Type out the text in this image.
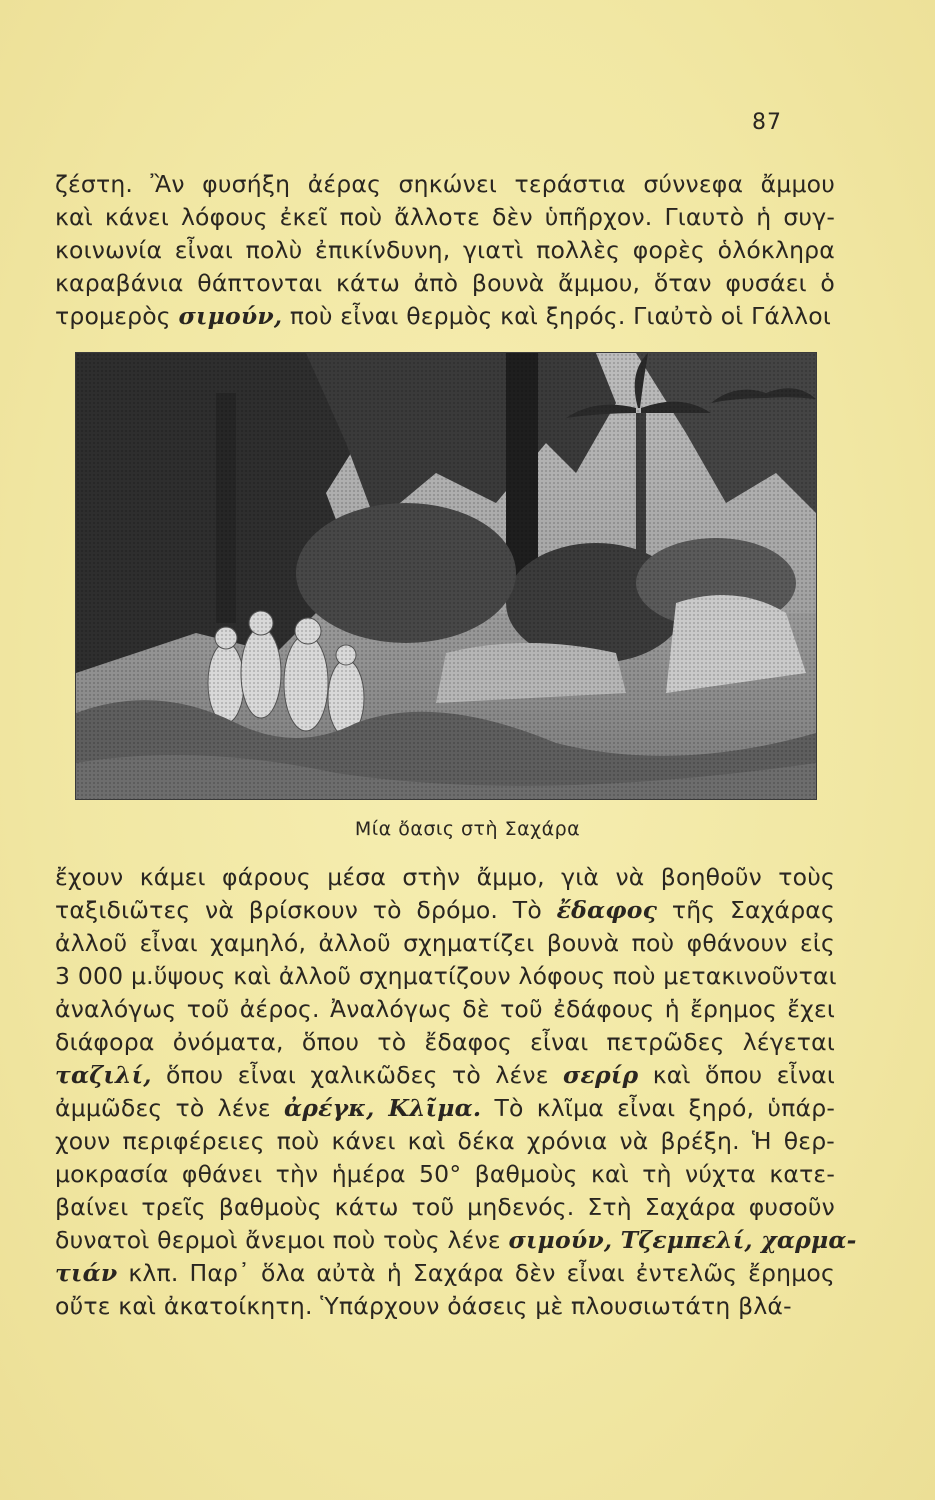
87
ζέστη. Ἂν φυσήξη ἀέρας σηκώνει τεράστια σύννεφα ἄμμου
καὶ κάνει λόφους ἐκεῖ ποὺ ἄλλοτε δὲν ὑπῆρχον. Γιαυτὸ ἡ συγ-
κοινωνία εἶναι πολὺ ἐπικίνδυνη, γιατὶ πολλὲς φορὲς ὁλόκληρα
καραβάνια θάπτονται κάτω ἀπὸ βουνὰ ἄμμου, ὅταν φυσάει ὁ
τρομερὸς σιμούν, ποὺ εἶναι θερμὸς καὶ ξηρός. Γιαὐτὸ οἱ Γάλλοι
Μία ὄασις στὴ Σαχάρα
ἔχουν κάμει φάρους μέσα στὴν ἄμμο, γιὰ νὰ βοηθοῦν τοὺς
ταξιδιῶτες νὰ βρίσκουν τὸ δρόμο. Τὸ ἔδαφος τῆς Σαχάρας
ἀλλοῦ εἶναι χαμηλό, ἀλλοῦ σχηματίζει βουνὰ ποὺ φθάνουν εἰς
3 000 μ.ὕψους καὶ ἀλλοῦ σχηματίζουν λόφους ποὺ μετακινοῦνται
ἀναλόγως τοῦ ἀέρος. Ἀναλόγως δὲ τοῦ ἐδάφους ἡ ἔρημος ἔχει
διάφορα ὀνόματα, ὅπου τὸ ἔδαφος εἶναι πετρῶδες λέγεται
ταζιλί, ὅπου εἶναι χαλικῶδες τὸ λένε σερίρ καὶ ὅπου εἶναι
ἀμμῶδες τὸ λένε ἀρέγκ, Κλῖμα. Τὸ κλῖμα εἶναι ξηρό, ὑπάρ-
χουν περιφέρειες ποὺ κάνει καὶ δέκα χρόνια νὰ βρέξη. Ἡ θερ-
μοκρασία φθάνει τὴν ἡμέρα 50° βαθμοὺς καὶ τὴ νύχτα κατε-
βαίνει τρεῖς βαθμοὺς κάτω τοῦ μηδενός. Στὴ Σαχάρα φυσοῦν
δυνατοὶ θερμοὶ ἄνεμοι ποὺ τοὺς λένε σιμούν, Τζεμπελί, χαρμα-
τιάν κλπ. Παρ᾽ ὅλα αὐτὰ ἡ Σαχάρα δὲν εἶναι ἐντελῶς ἔρημος
οὔτε καὶ ἀκατοίκητη. Ὑπάρχουν ὀάσεις μὲ πλουσιωτάτη βλά-
